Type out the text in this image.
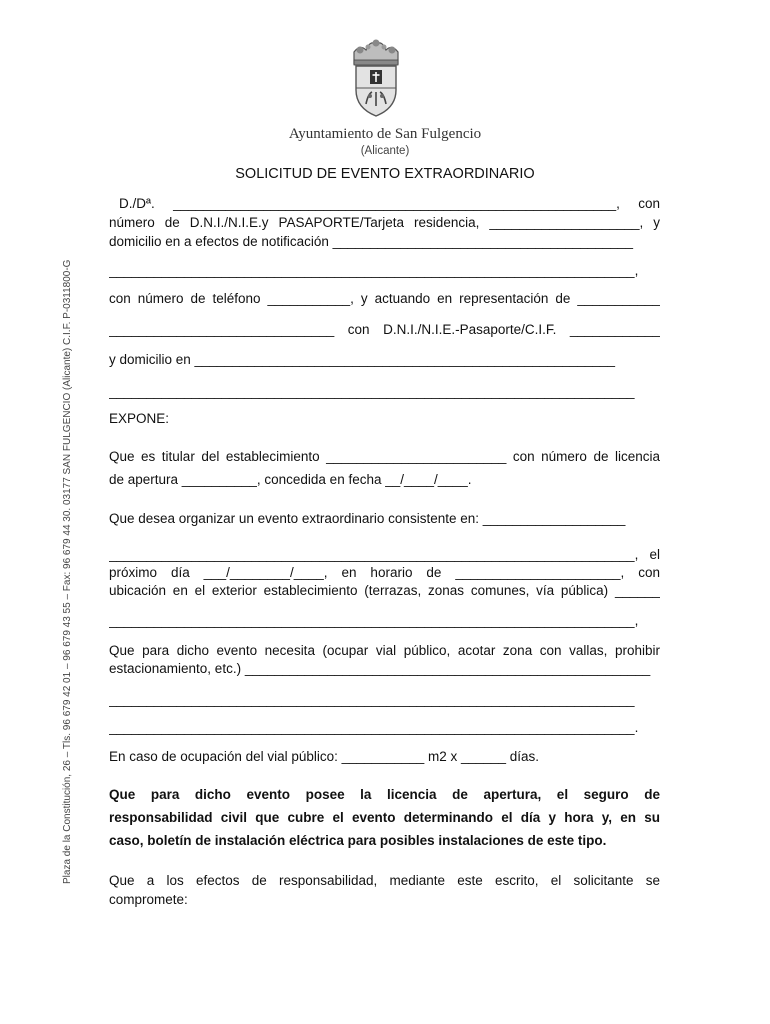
Plaza de la Constitución, 26 – Tls. 96 679 42 01 – 96 679 43 55 – Fax: 96 679 44 30. 03177 SAN FULGENCIO (Alicante) C.I.F. P-0311800-G
Ayuntamiento de San Fulgencio
(Alicante)
SOLICITUD DE EVENTO EXTRAORDINARIO
D./Dª. ___________________________________________________________, con
número de D.N.I./N.I.E.y PASAPORTE/Tarjeta residencia, ____________________, y
domicilio en a efectos de notificación ________________________________________
______________________________________________________________________,
con número de teléfono ___________, y actuando en representación de ___________
______________________________ con D.N.I./N.I.E.-Pasaporte/C.I.F. ____________
y domicilio en ________________________________________________________
______________________________________________________________________
EXPONE:
Que es titular del establecimiento ________________________ con número de licencia
de apertura __________, concedida en fecha __/____/____.
Que desea organizar un evento extraordinario consistente en: ___________________
______________________________________________________________________, el
próximo día ___/________/____, en horario de ______________________, con
ubicación en el exterior establecimiento (terrazas, zonas comunes, vía pública) ______
______________________________________________________________________,
Que para dicho evento necesita (ocupar vial público, acotar zona con vallas, prohibir
estacionamiento, etc.) ______________________________________________________
______________________________________________________________________
______________________________________________________________________.
En caso de ocupación del vial público: ___________ m2 x ______ días.
Que para dicho evento posee la licencia de apertura, el seguro de
responsabilidad civil que cubre el evento determinando el día y hora y, en su
caso, boletín de instalación eléctrica para posibles instalaciones de este tipo.
Que a los efectos de responsabilidad, mediante este escrito, el solicitante se
compromete:
